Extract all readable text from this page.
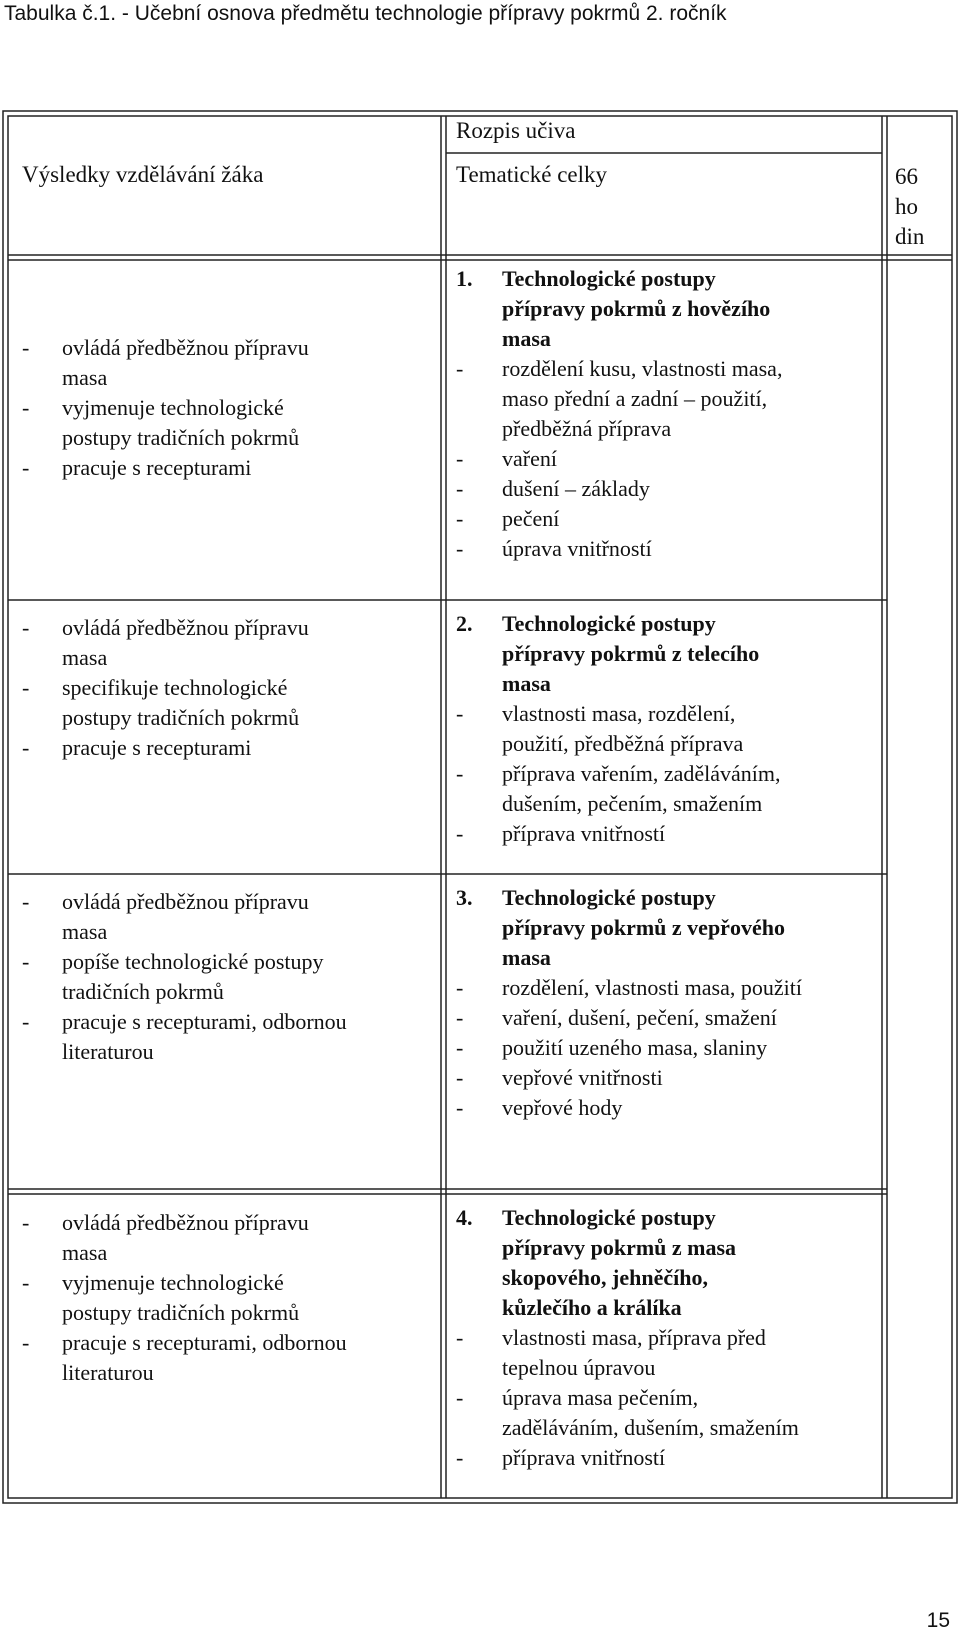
Tabulka č.1. - Učební osnova předmětu technologie přípravy pokrmů 2. ročník
Výsledky vzdělávání žáka
Rozpis učiva
Tematické celky	66
ho
din
- ovládá předběžnou přípravu
masa
- vyjmenuje technologické
postupy tradičních pokrmů
- pracuje s recepturami
- ovládá předběžnou přípravu
masa
- specifikuje technologické
postupy tradičních pokrmů
- pracuje s recepturami
- ovládá předběžnou přípravu
masa
- popíše technologické postupy
tradičních pokrmů
- pracuje s recepturami, odbornou
literaturou
- ovládá předběžnou přípravu
masa
- vyjmenuje technologické
postupy tradičních pokrmů
- pracuje s recepturami, odbornou
literaturou
1. Technologické postupy
přípravy pokrmů z hovězího
masa
- rozdělení kusu, vlastnosti masa,
maso přední a zadní – použití,
předběžná příprava
- vaření
- dušení – základy
- pečení
- úprava vnitřností
2. Technologické postupy
přípravy pokrmů z telecího
masa
- vlastnosti masa, rozdělení,
použití, předběžná příprava
- příprava vařením, zaděláváním,
dušením, pečením, smažením
- příprava vnitřností
3. Technologické postupy
přípravy pokrmů z vepřového
masa
- rozdělení, vlastnosti masa, použití
- vaření, dušení, pečení, smažení
- použití uzeného masa, slaniny
- vepřové vnitřnosti
- vepřové hody
4. Technologické postupy
přípravy pokrmů z masa
skopového, jehněčího,
kůzlečího a králíka
- vlastnosti masa, příprava před
tepelnou úpravou
- úprava masa pečením,
zaděláváním, dušením, smažením
- příprava vnitřností
15
